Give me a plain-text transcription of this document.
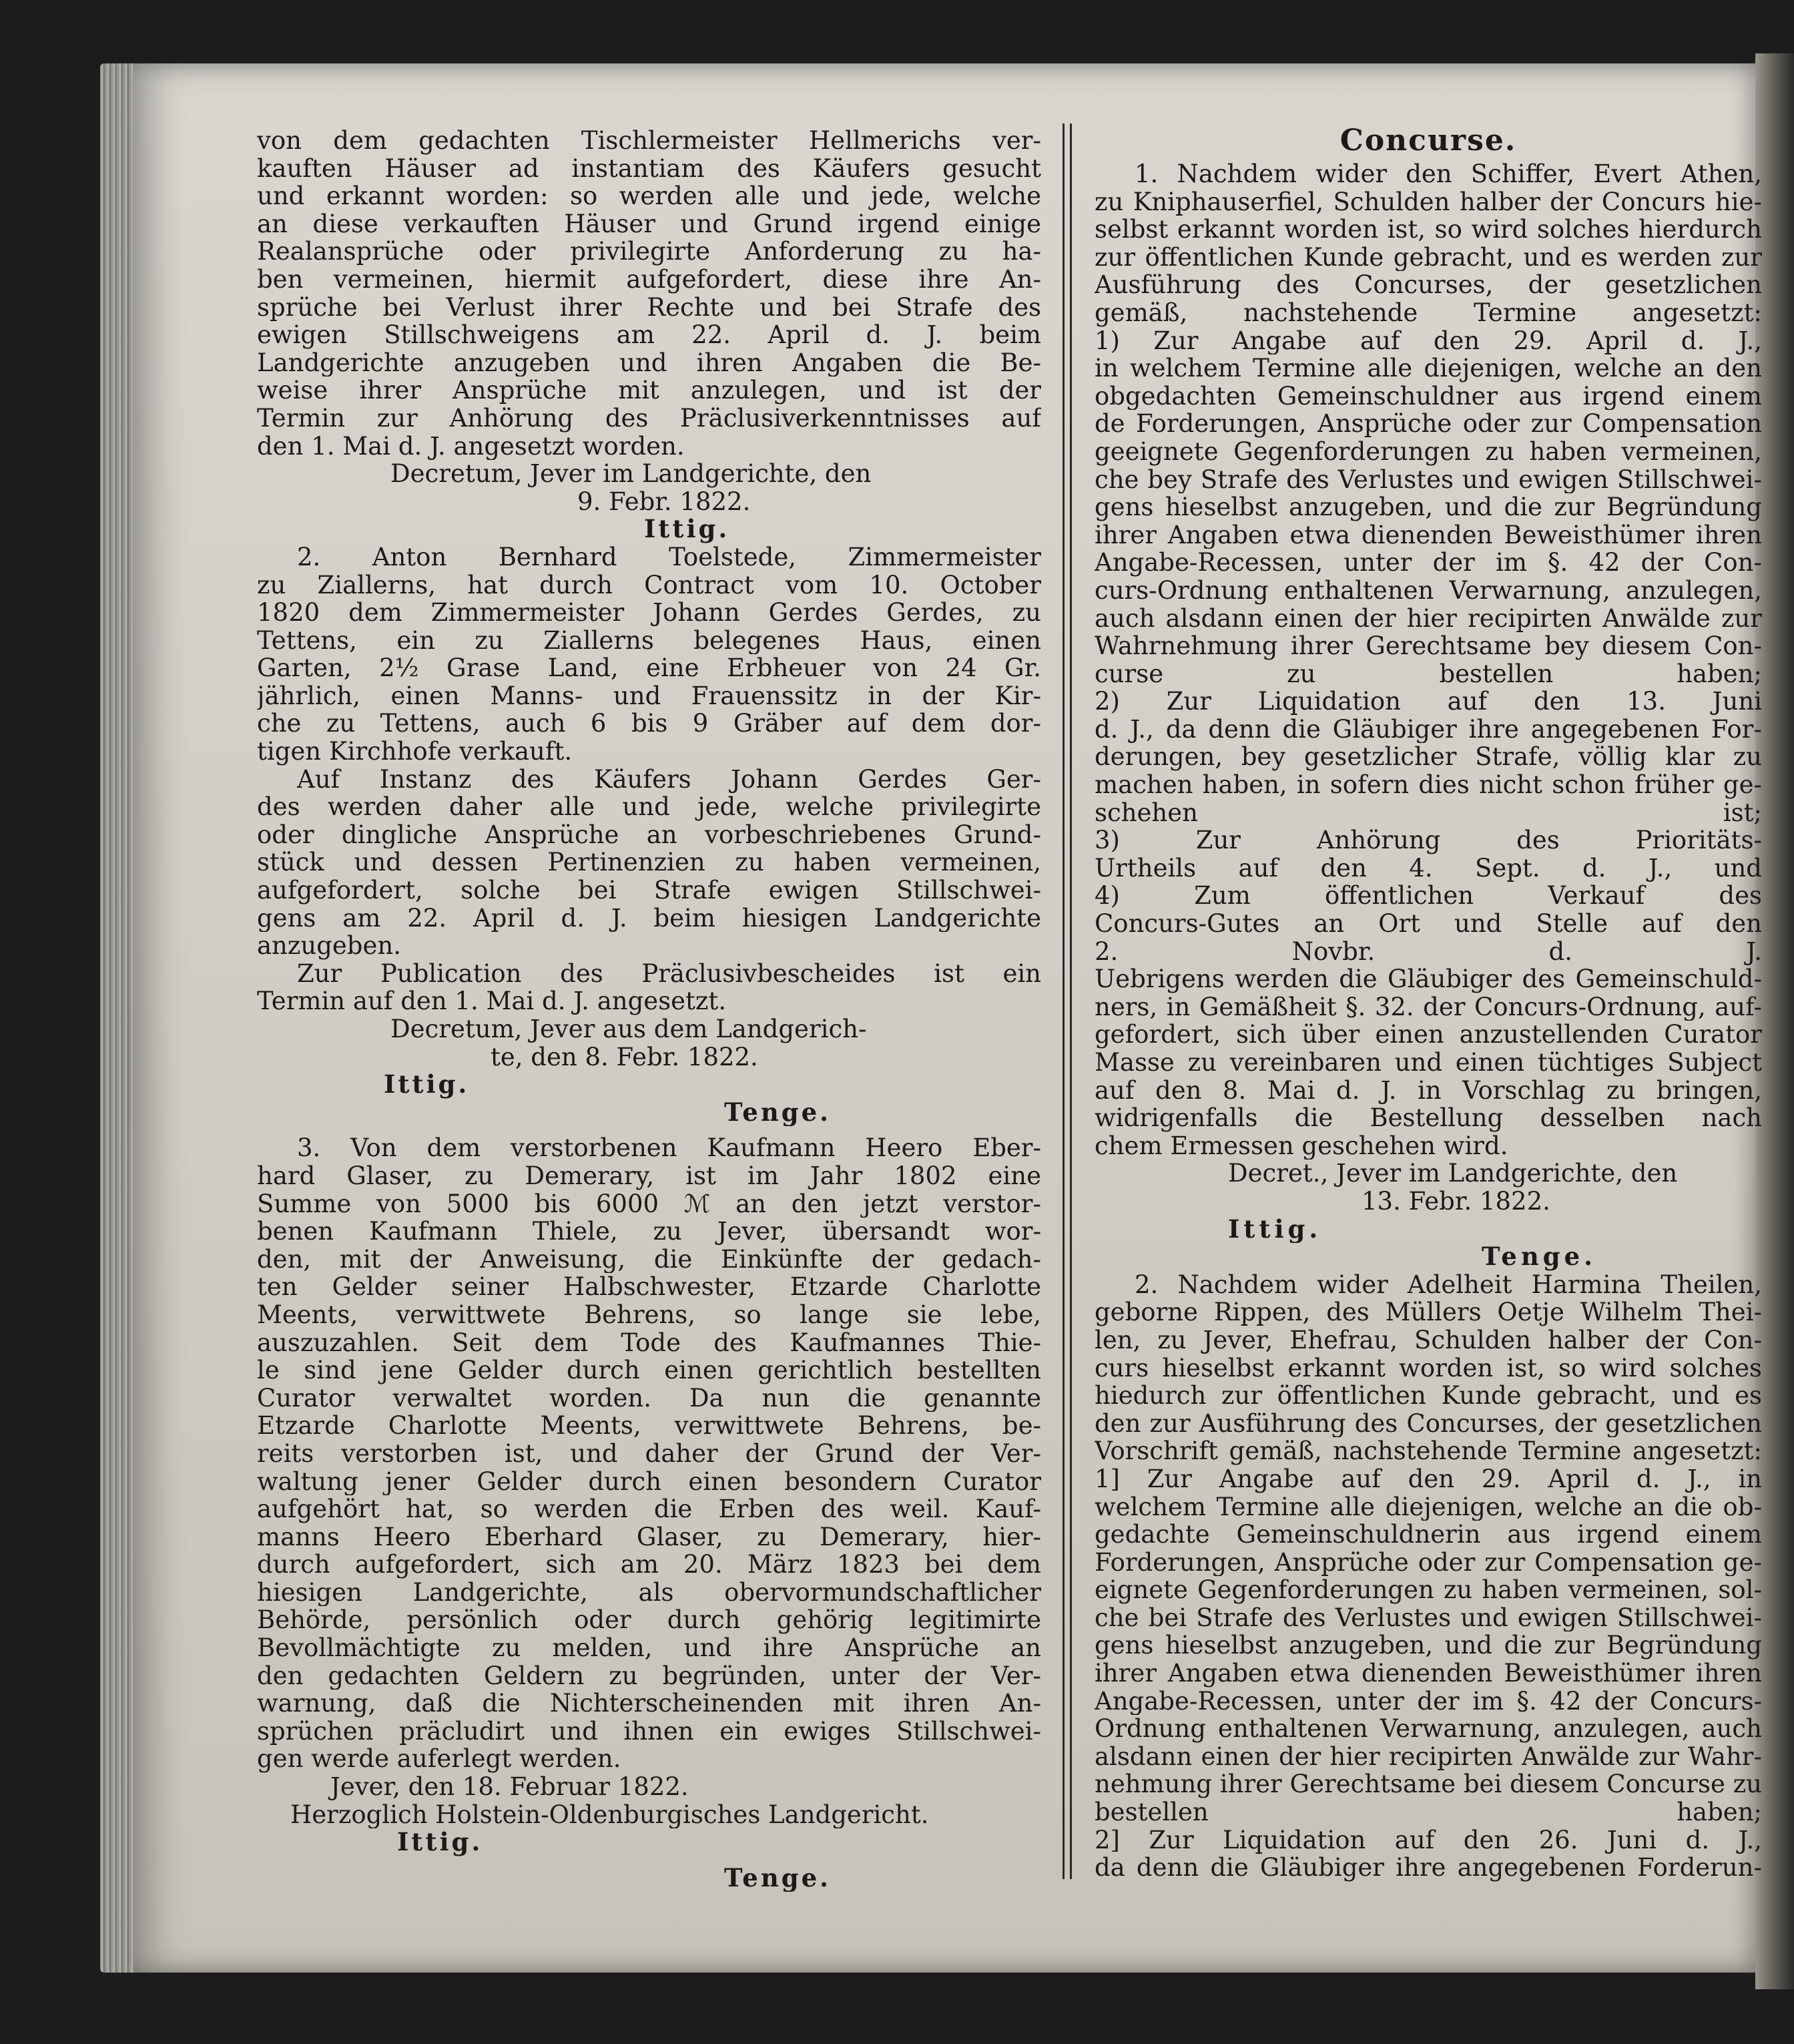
von dem gedachten Tischlermeister Hellmerichs ver-
kauften Häuser ad instantiam des Käufers gesucht
und erkannt worden: so werden alle und jede, welche
an diese verkauften Häuser und Grund irgend einige
Realansprüche oder privilegirte Anforderung zu ha-
ben vermeinen, hiermit aufgefordert, diese ihre An-
sprüche bei Verlust ihrer Rechte und bei Strafe des
ewigen Stillschweigens am 22. April d. J. beim
Landgerichte anzugeben und ihren Angaben die Be-
weise ihrer Ansprüche mit anzulegen, und ist der
Termin zur Anhörung des Präclusiverkenntnisses auf
den 1. Mai d. J. angesetzt worden.
Decretum, Jever im Landgerichte, den
9. Febr. 1822.
Ittig.
2. Anton Bernhard Toelstede, Zimmermeister
zu Ziallerns, hat durch Contract vom 10. October
1820 dem Zimmermeister Johann Gerdes Gerdes, zu
Tettens, ein zu Ziallerns belegenes Haus, einen
Garten, 2½ Grase Land, eine Erbheuer von 24 Gr.
jährlich, einen Manns- und Frauenssitz in der Kir-
che zu Tettens, auch 6 bis 9 Gräber auf dem dor-
tigen Kirchhofe verkauft.
Auf Instanz des Käufers Johann Gerdes Ger-
des werden daher alle und jede, welche privilegirte
oder dingliche Ansprüche an vorbeschriebenes Grund-
stück und dessen Pertinenzien zu haben vermeinen,
aufgefordert, solche bei Strafe ewigen Stillschwei-
gens am 22. April d. J. beim hiesigen Landgerichte
anzugeben.
Zur Publication des Präclusivbescheides ist ein
Termin auf den 1. Mai d. J. angesetzt.
Decretum, Jever aus dem Landgerich-
te, den 8. Febr. 1822.
Ittig.
Tenge.
3. Von dem verstorbenen Kaufmann Heero Eber-
hard Glaser, zu Demerary, ist im Jahr 1802 eine
Summe von 5000 bis 6000 ℳ an den jetzt verstor-
benen Kaufmann Thiele, zu Jever, übersandt wor-
den, mit der Anweisung, die Einkünfte der gedach-
ten Gelder seiner Halbschwester, Etzarde Charlotte
Meents, verwittwete Behrens, so lange sie lebe,
auszuzahlen. Seit dem Tode des Kaufmannes Thie-
le sind jene Gelder durch einen gerichtlich bestellten
Curator verwaltet worden. Da nun die genannte
Etzarde Charlotte Meents, verwittwete Behrens, be-
reits verstorben ist, und daher der Grund der Ver-
waltung jener Gelder durch einen besondern Curator
aufgehört hat, so werden die Erben des weil. Kauf-
manns Heero Eberhard Glaser, zu Demerary, hier-
durch aufgefordert, sich am 20. März 1823 bei dem
hiesigen Landgerichte, als obervormundschaftlicher
Behörde, persönlich oder durch gehörig legitimirte
Bevollmächtigte zu melden, und ihre Ansprüche an
den gedachten Geldern zu begründen, unter der Ver-
warnung, daß die Nichterscheinenden mit ihren An-
sprüchen präcludirt und ihnen ein ewiges Stillschwei-
gen werde auferlegt werden.
Jever, den 18. Februar 1822.
Herzoglich Holstein-Oldenburgisches Landgericht.
Ittig.
Tenge.
Concurse.
1. Nachdem wider den Schiffer, Evert Athen,
zu Kniphauserfiel, Schulden halber der Concurs hie-
selbst erkannt worden ist, so wird solches hierdurch
zur öffentlichen Kunde gebracht, und es werden zur
Ausführung des Concurses, der gesetzlichen
gemäß, nachstehende Termine angesetzt:
1) Zur Angabe auf den 29. April d. J.,
in welchem Termine alle diejenigen, welche an den
obgedachten Gemeinschuldner aus irgend einem
de Forderungen, Ansprüche oder zur Compensation
geeignete Gegenforderungen zu haben vermeinen,
che bey Strafe des Verlustes und ewigen Stillschwei-
gens hieselbst anzugeben, und die zur Begründung
ihrer Angaben etwa dienenden Beweisthümer ihren
Angabe-Recessen, unter der im §. 42 der Con-
curs-Ordnung enthaltenen Verwarnung, anzulegen,
auch alsdann einen der hier recipirten Anwälde zur
Wahrnehmung ihrer Gerechtsame bey diesem Con-
curse zu bestellen haben;
2) Zur Liquidation auf den 13. Juni
d. J., da denn die Gläubiger ihre angegebenen For-
derungen, bey gesetzlicher Strafe, völlig klar zu
machen haben, in sofern dies nicht schon früher ge-
schehen ist;
3) Zur Anhörung des Prioritäts-
Urtheils auf den 4. Sept. d. J., und
4) Zum öffentlichen Verkauf des
Concurs-Gutes an Ort und Stelle auf den
2. Novbr. d. J.
Uebrigens werden die Gläubiger des Gemeinschuld-
ners, in Gemäßheit §. 32. der Concurs-Ordnung, auf-
gefordert, sich über einen anzustellenden Curator
Masse zu vereinbaren und einen tüchtiges Subject
auf den 8. Mai d. J. in Vorschlag zu bringen,
widrigenfalls die Bestellung desselben nach
chem Ermessen geschehen wird.
Decret., Jever im Landgerichte, den
13. Febr. 1822.
Ittig.
Tenge.
2. Nachdem wider Adelheit Harmina Theilen,
geborne Rippen, des Müllers Oetje Wilhelm Thei-
len, zu Jever, Ehefrau, Schulden halber der Con-
curs hieselbst erkannt worden ist, so wird solches
hiedurch zur öffentlichen Kunde gebracht, und es
den zur Ausführung des Concurses, der gesetzlichen
Vorschrift gemäß, nachstehende Termine angesetzt:
1] Zur Angabe auf den 29. April d. J., in
welchem Termine alle diejenigen, welche an die ob-
gedachte Gemeinschuldnerin aus irgend einem
Forderungen, Ansprüche oder zur Compensation ge-
eignete Gegenforderungen zu haben vermeinen, sol-
che bei Strafe des Verlustes und ewigen Stillschwei-
gens hieselbst anzugeben, und die zur Begründung
ihrer Angaben etwa dienenden Beweisthümer ihren
Angabe-Recessen, unter der im §. 42 der Concurs-
Ordnung enthaltenen Verwarnung, anzulegen, auch
alsdann einen der hier recipirten Anwälde zur Wahr-
nehmung ihrer Gerechtsame bei diesem Concurse zu
bestellen haben;
2] Zur Liquidation auf den 26. Juni d. J.,
da denn die Gläubiger ihre angegebenen Forderun-
